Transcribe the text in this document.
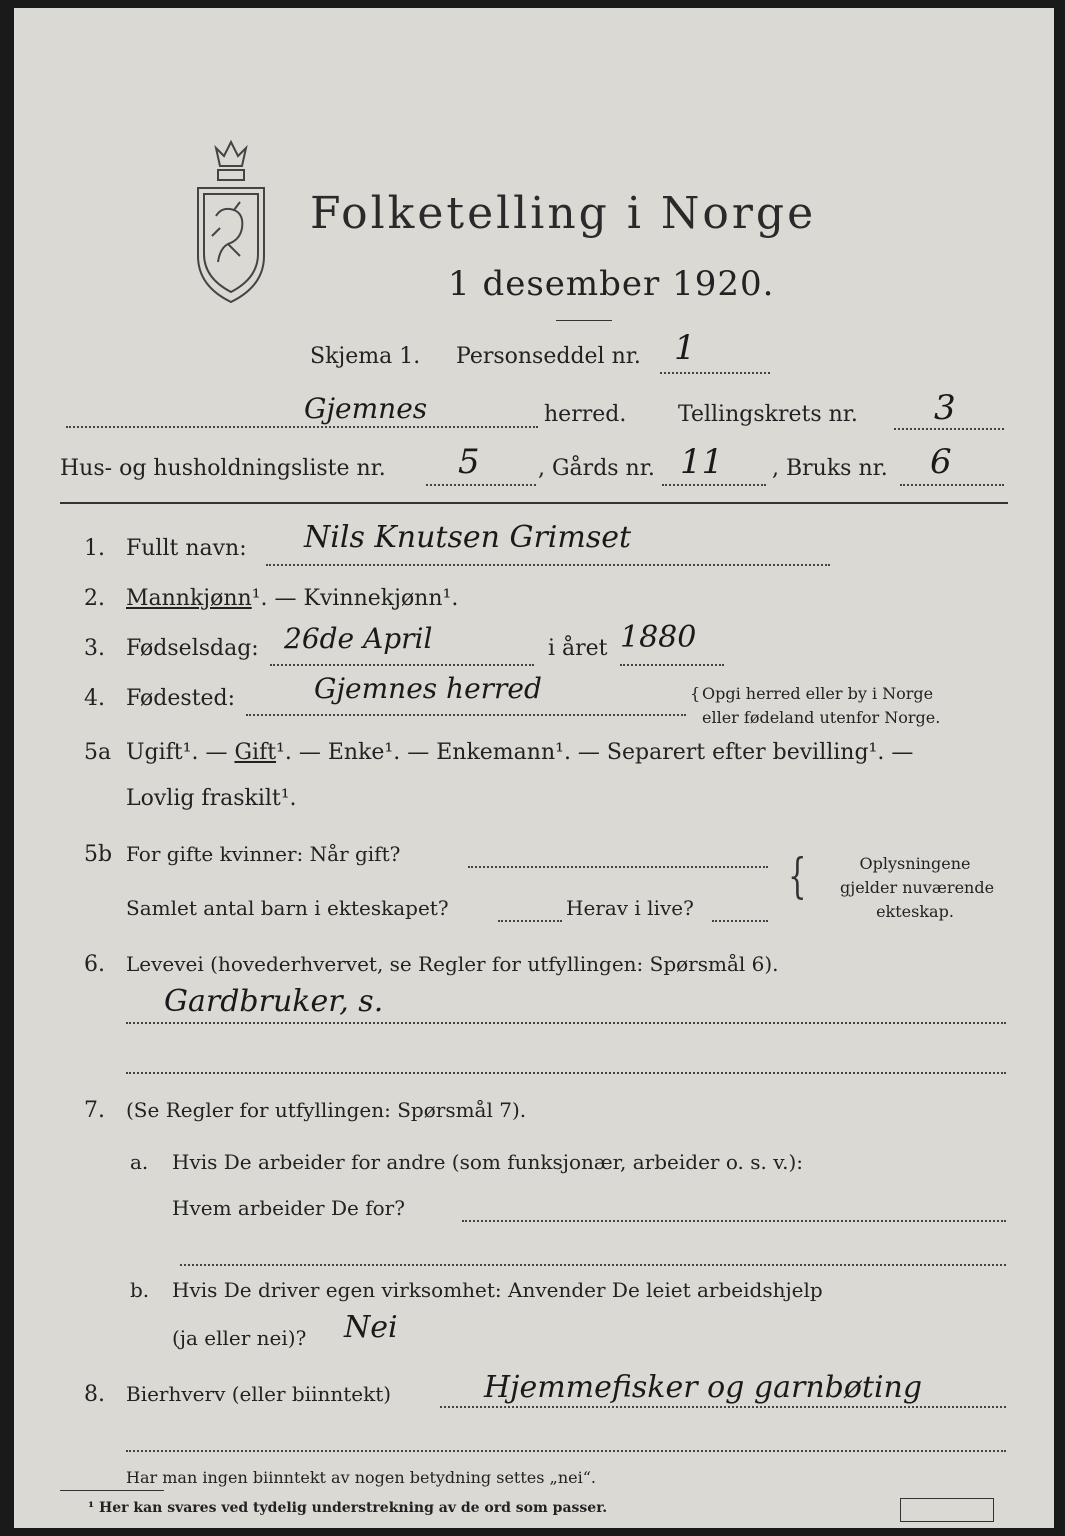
Folketelling i Norge
1 desember 1920.
Skjema 1. Personseddel nr. 1
Gjemnes	herred. Tellingskrets nr. 3
Hus- og husholdningsliste nr. 5	, Gårds nr. 11 , Bruks nr. 6
1. Fullt navn: Nils Knutsen Grimset
2. Mannkjønn¹. — Kvinnekjønn¹.
3. Fødselsdag: 26de April	i året 1880
4. Fødested:	Gjemnes herred	{ Opgi herred eller by i Norge
eller fødeland utenfor Norge.
5a Ugift¹. — Gift¹. — Enke¹. — Enkemann¹. — Separert efter bevilling¹. —
Lovlig fraskilt¹.
5b For gifte kvinner: Når gift?
Samlet antal barn i ekteskapet?	Herav i live?
{	Oplysningene
gjelder nuværende
ekteskap.
6. Levevei (hovederhvervet, se Regler for utfyllingen: Spørsmål 6).
Gardbruker, s.
7. (Se Regler for utfyllingen: Spørsmål 7).
a. Hvis De arbeider for andre (som funksjonær, arbeider o. s. v.):
Hvem arbeider De for?
b. Hvis De driver egen virksomhet: Anvender De leiet arbeidshjelp
(ja eller nei)? Nei
8. Bierhverv (eller biinntekt)	Hjemmefisker og garnbøting
Har man ingen biinntekt av nogen betydning settes „nei“.
¹ Her kan svares ved tydelig understrekning av de ord som passer.
